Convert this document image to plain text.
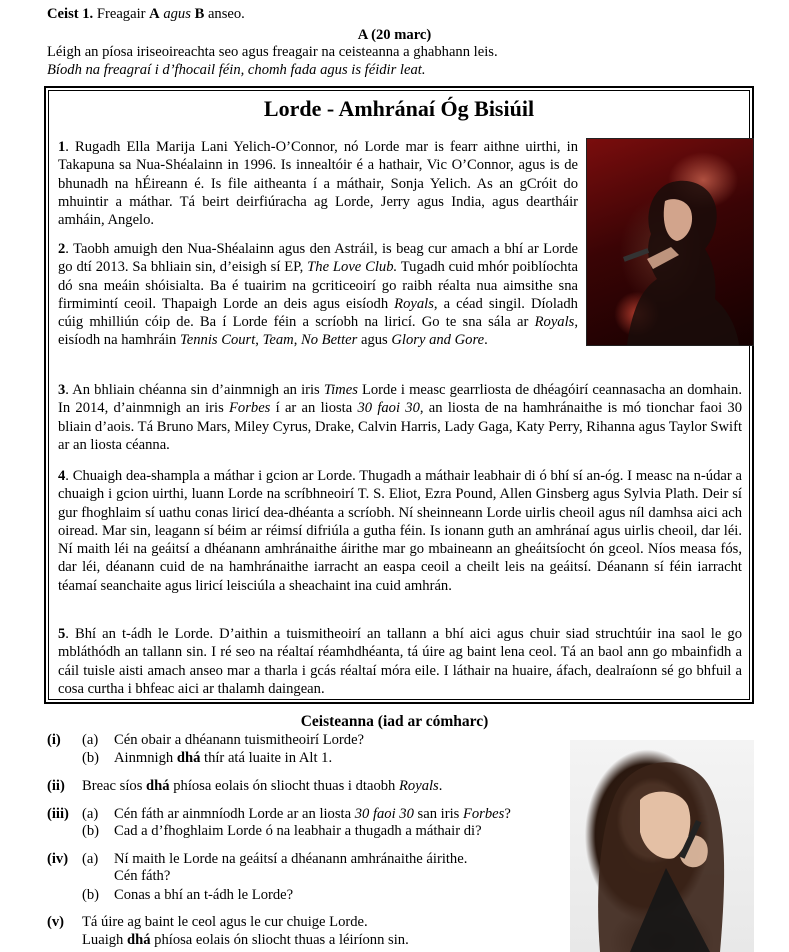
Ceist 1. Freagair A agus B anseo.
A (20 marc)
Léigh an píosa iriseoireachta seo agus freagair na ceisteanna a ghabhann leis.
Bíodh na freagraí i d’fhocail féin, chomh fada agus is féidir leat.
Lorde - Amhránaí Óg Bisiúil
1. Rugadh Ella Marija Lani Yelich-O’Connor, nó Lorde mar is fearr aithne uirthi, in Takapuna sa Nua-Shéalainn in 1996. Is innealtóir é a hathair, Vic O’Connor, agus is de bhunadh na hÉireann é. Is file aitheanta í a máthair, Sonja Yelich. As an gCróit do mhuintir a máthar. Tá beirt deirfiúracha ag Lorde, Jerry agus India, agus deartháir amháin, Angelo.
2. Taobh amuigh den Nua-Shéalainn agus den Astráil, is beag cur amach a bhí ar Lorde go dtí 2013. Sa bhliain sin, d’eisigh sí EP, The Love Club. Tugadh cuid mhór poiblíochta dó sna meáin shóisialta. Ba é tuairim na gcriticeoirí go raibh réalta nua aimsithe sna firmimintí ceoil. Thapaigh Lorde an deis agus eisíodh Royals, a céad singil. Díoladh cúig mhilliún cóip de. Ba í Lorde féin a scríobh na liricí. Go te sna sála ar Royals, eisíodh na hamhráin Tennis Court, Team, No Better agus Glory and Gore.
3. An bhliain chéanna sin d’ainmnigh an iris Times Lorde i measc gearrliosta de dhéagóirí ceannasacha an domhain. In 2014, d’ainmnigh an iris Forbes í ar an liosta 30 faoi 30, an liosta de na hamhránaithe is mó tionchar faoi 30 bliain d’aois. Tá Bruno Mars, Miley Cyrus, Drake, Calvin Harris, Lady Gaga, Katy Perry, Rihanna agus Taylor Swift ar an liosta céanna.
4. Chuaigh dea-shampla a máthar i gcion ar Lorde. Thugadh a máthair leabhair di ó bhí sí an-óg. I measc na n-údar a chuaigh i gcion uirthi, luann Lorde na scríbhneoirí T. S. Eliot, Ezra Pound, Allen Ginsberg agus Sylvia Plath. Deir sí gur fhoghlaim sí uathu conas liricí dea-dhéanta a scríobh. Ní sheinneann Lorde uirlis cheoil agus níl damhsa aici ach oiread. Mar sin, leagann sí béim ar réimsí difriúla a gutha féin. Is ionann guth an amhránaí agus uirlis cheoil, dar léi. Ní maith léi na geáitsí a dhéanann amhránaithe áirithe mar go mbaineann an gheáitsíocht ón gceol. Níos measa fós, dar léi, déanann cuid de na hamhránaithe iarracht an easpa ceoil a cheilt leis na geáitsí. Déanann sí féin iarracht téamaí seanchaite agus liricí leisciúla a sheachaint ina cuid amhrán.
5. Bhí an t-ádh le Lorde. D’aithin a tuismitheoirí an tallann a bhí aici agus chuir siad struchtúir ina saol le go mbláthódh an tallann sin. I ré seo na réaltaí réamhdhéanta, tá úire ag baint lena ceol. Tá an baol ann go mbainfidh a cáil tuisle aisti amach anseo mar a tharla i gcás réaltaí móra eile. I láthair na huaire, áfach, dealraíonn sé go bhfuil a cosa curtha i bhfeac aici ar thalamh daingean.
Ceisteanna (iad ar cómharc)
(i) (a) Cén obair a dhéanann tuismitheoirí Lorde?
(b) Ainmnigh dhá thír atá luaite in Alt 1.
(ii) Breac síos dhá phíosa eolais ón sliocht thuas i dtaobh Royals.
(iii) (a) Cén fáth ar ainmníodh Lorde ar an liosta 30 faoi 30 san iris Forbes?
(b) Cad a d’fhoghlaim Lorde ó na leabhair a thugadh a máthair di?
(iv) (a) Ní maith le Lorde na geáitsí a dhéanann amhránaithe áirithe.
Cén fáth?
(b) Conas a bhí an t-ádh le Lorde?
(v) Tá úire ag baint le ceol agus le cur chuige Lorde.
Luaigh dhá phíosa eolais ón sliocht thuas a léiríonn sin.
